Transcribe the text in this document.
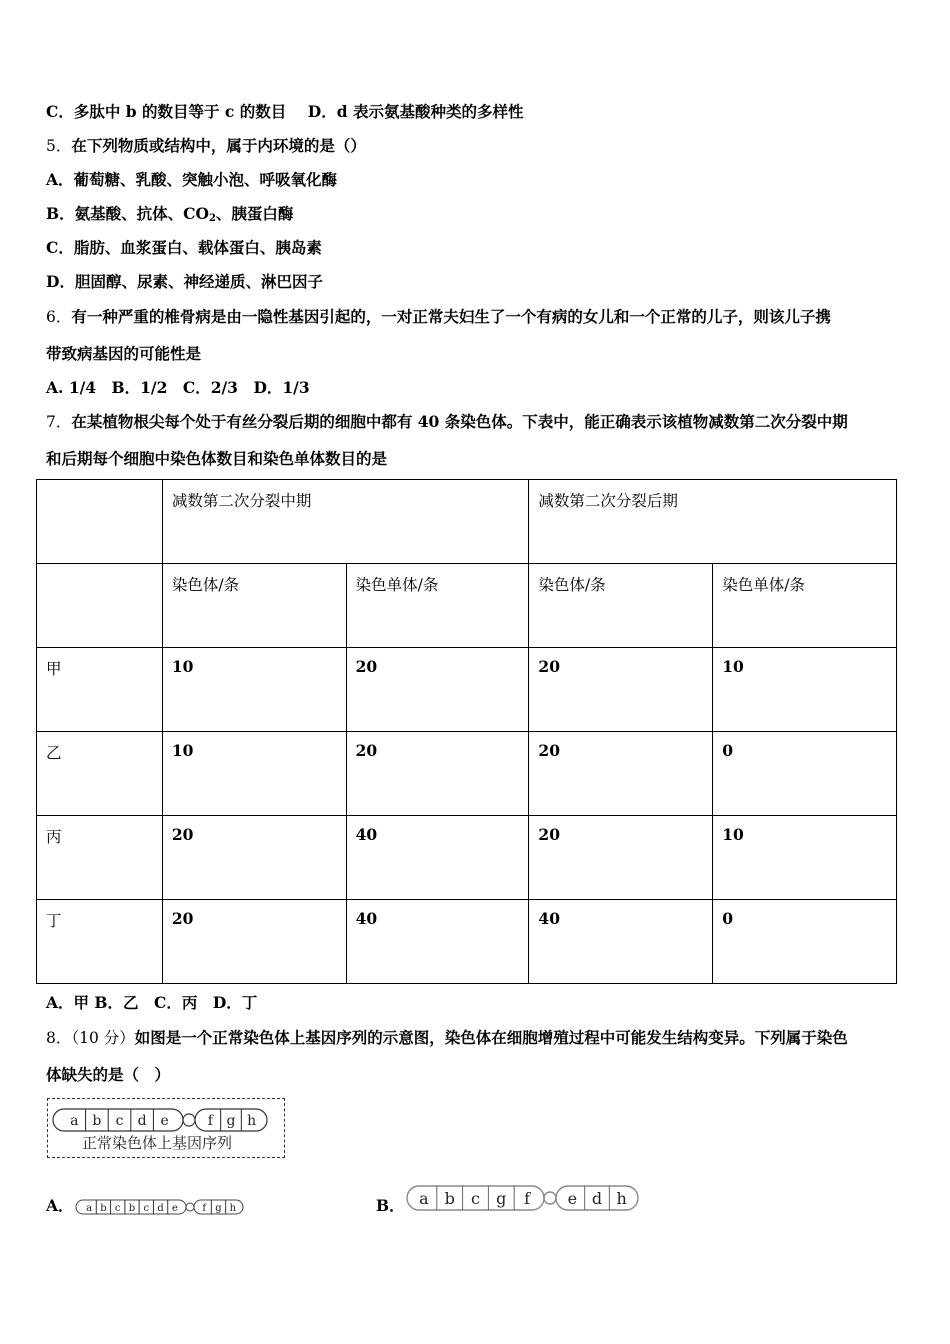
C．多肽中 b 的数目等于 c 的数目 D．d 表示氨基酸种类的多样性
5．在下列物质或结构中，属于内环境的是（）
A．葡萄糖、乳酸、突触小泡、呼吸氧化酶
B．氨基酸、抗体、$CO_2$、胰蛋白酶
C．脂肪、血浆蛋白、载体蛋白、胰岛素
D．胆固醇、尿素、神经递质、淋巴因子
6．有一种严重的椎骨病是由一隐性基因引起的，一对正常夫妇生了一个有病的女儿和一个正常的儿子，则该儿子携
带致病基因的可能性是
A. 1/4　B．1/2　C．2/3　D．1/3
7．在某植物根尖每个处于有丝分裂后期的细胞中都有 40 条染色体。下表中，能正确表示该植物减数第二次分裂中期
和后期每个细胞中染色体数目和染色单体数目的是
	减数第二次分裂中期		减数第二次分裂后期	
	染色体/条	染色单体/条	染色体/条	染色单体/条
甲	10	20	20	10
乙	10	20	20	0
丙	20	40	20	10
丁	20	40	40	0
A．甲 B．乙　C．丙　D．丁
8．（10 分）如图是一个正常染色体上基因序列的示意图，染色体在细胞增殖过程中可能发生结构变异。下列属于染色
体缺失的是（　）
a b c d e	f g h
正常染色体上基因序列
A． a b c b c d e f g h	B． a b c g f e d h
